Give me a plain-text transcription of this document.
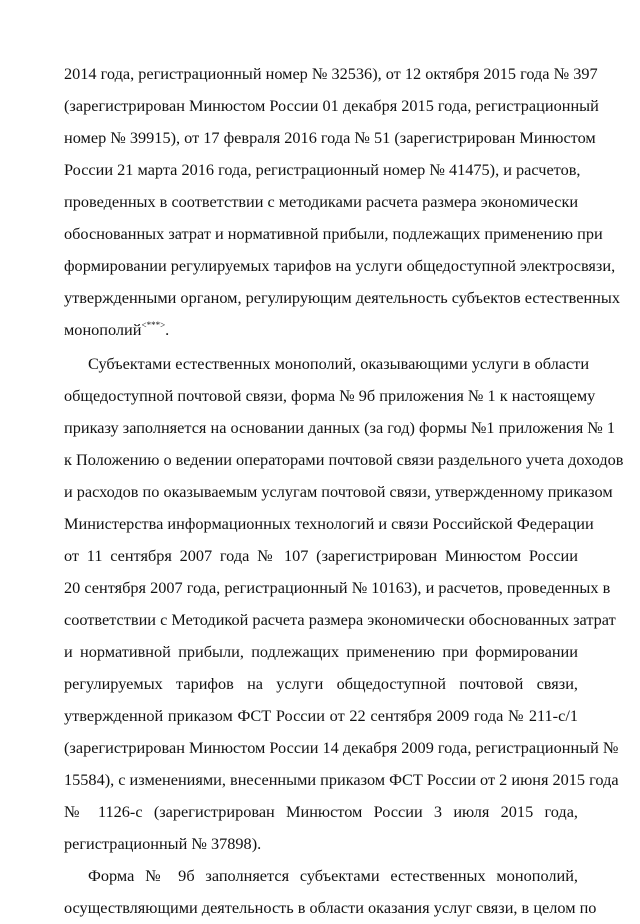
2014 года, регистрационный номер № 32536), от 12 октября 2015 года № 397
(зарегистрирован Минюстом России 01 декабря 2015 года, регистрационный
номер № 39915), от 17 февраля 2016 года № 51 (зарегистрирован Минюстом
России 21 марта 2016 года, регистрационный номер № 41475), и расчетов,
проведенных в соответствии с методиками расчета размера экономически
обоснованных затрат и нормативной прибыли, подлежащих применению при
формировании регулируемых тарифов на услуги общедоступной электросвязи,
утвержденными органом, регулирующим деятельность субъектов естественных
монополий<***>.
Субъектами естественных монополий, оказывающими услуги в области
общедоступной почтовой связи, форма № 9б приложения № 1 к настоящему
приказу заполняется на основании данных (за год) формы №1 приложения № 1
к Положению о ведении операторами почтовой связи раздельного учета доходов
и расходов по оказываемым услугам почтовой связи, утвержденному приказом
Министерства информационных технологий и связи Российской Федерации
от 11 сентября 2007 года № 107 (зарегистрирован Минюстом России
20 сентября 2007 года, регистрационный № 10163), и расчетов, проведенных в
соответствии с Методикой расчета размера экономически обоснованных затрат
и нормативной прибыли, подлежащих применению при формировании
регулируемых тарифов на услуги общедоступной почтовой связи,
утвержденной приказом ФСТ России от 22 сентября 2009 года № 211-с/1
(зарегистрирован Минюстом России 14 декабря 2009 года, регистрационный №
15584), с изменениями, внесенными приказом ФСТ России от 2 июня 2015 года
№ 1126-с (зарегистрирован Минюстом России 3 июля 2015 года,
регистрационный № 37898).
Форма № 9б заполняется субъектами естественных монополий,
осуществляющими деятельность в области оказания услуг связи, в целом по
